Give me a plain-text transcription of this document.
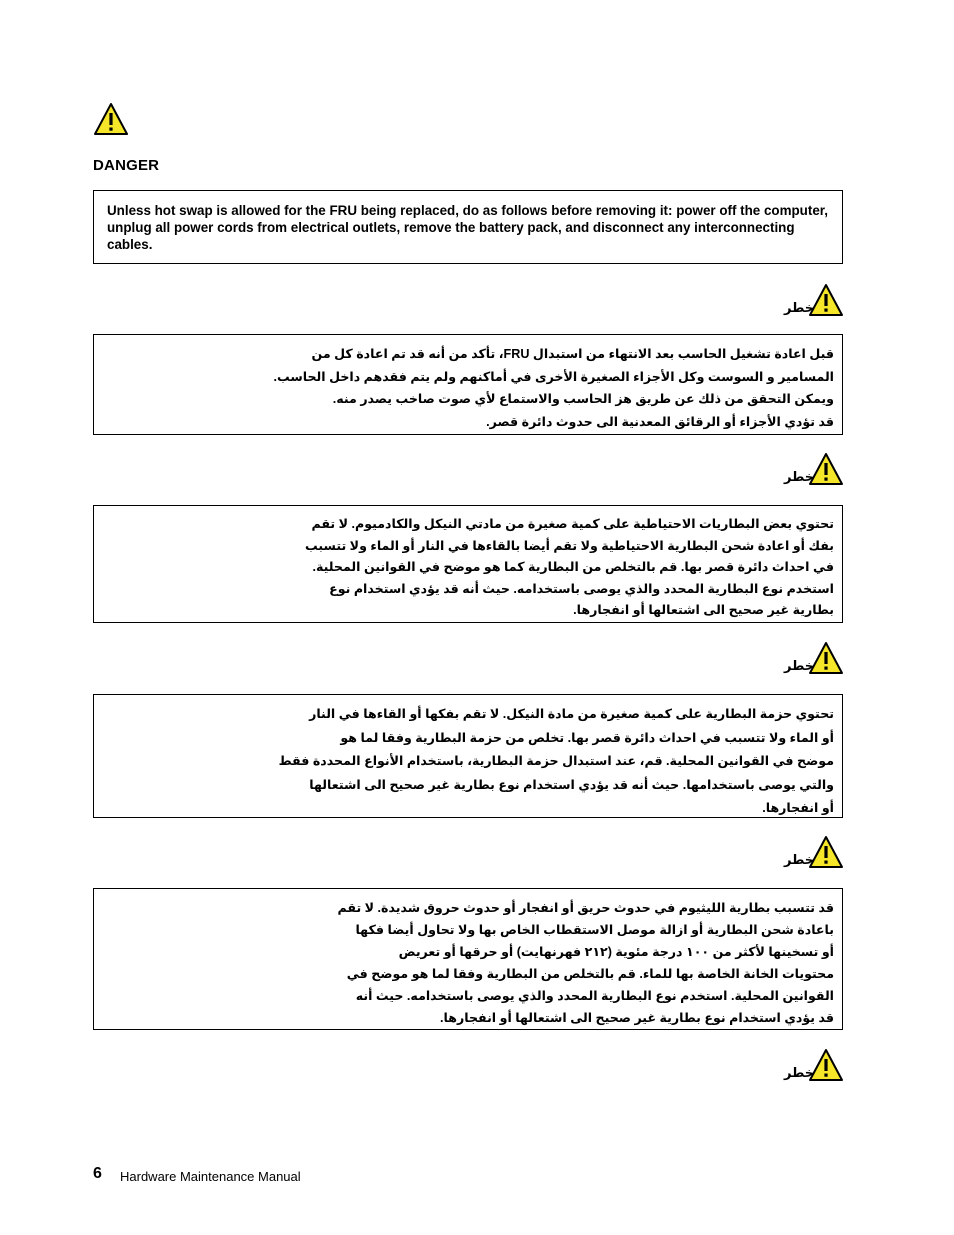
DANGER

Unless hot swap is allowed for the FRU being replaced, do as follows before removing it: power off the computer, unplug all power cords from electrical outlets, remove the battery pack, and disconnect any interconnecting cables.

خطر
قبل اعادة تشغيل الحاسب بعد الانتهاء من استبدال FRU، تأكد من أنه قد تم اعادة كل من
المسامير و السوست وكل الأجزاء الصغيرة الأخرى في أماكنهم ولم يتم فقدهم داخل الحاسب.
ويمكن التحقق من ذلك عن طريق هز الحاسب والاستماع لأي صوت صاخب يصدر منه.
قد تؤدي الأجزاء أو الرقائق المعدنية الى حدوث دائرة قصر.
خطر
تحتوي بعض البطاريات الاحتياطية على كمية صغيرة من مادتي النيكل والكادميوم. لا تقم
بفك أو اعادة شحن البطارية الاحتياطية ولا تقم أيضا بالقاءها في النار أو الماء ولا تتسبب
في احداث دائرة قصر بها. قم بالتخلص من البطارية كما هو موضح في القوانين المحلية.
استخدم نوع البطارية المحدد والذي يوصى باستخدامه. حيث أنه قد يؤدي استخدام نوع
بطارية غير صحيح الى اشتعالها أو انفجارها.
خطر
تحتوي حزمة البطارية على كمية صغيرة من مادة النيكل. لا تقم بفكها أو القاءها في النار
أو الماء ولا تتسبب في احداث دائرة قصر بها. تخلص من حزمة البطارية وفقا لما هو
موضح في القوانين المحلية. قم، عند استبدال حزمة البطارية، باستخدام الأنواع المحددة فقط
والتي يوصى باستخدامها. حيث أنه قد يؤدي استخدام نوع بطارية غير صحيح الى اشتعالها
أو انفجارها.
خطر
قد تتسبب بطارية الليثيوم في حدوث حريق أو انفجار أو حدوث حروق شديدة. لا تقم
باعادة شحن البطارية أو ازالة موصل الاستقطاب الخاص بها ولا تحاول أيضا فكها
أو تسخينها لأكثر من ١٠٠ درجة مئوية (٢١٢ فهرنهايت) أو حرقها أو تعريض
محتويات الخانة الخاصة بها للماء. قم بالتخلص من البطارية وفقا لما هو موضح في
القوانين المحلية. استخدم نوع البطارية المحدد والذي يوصى باستخدامه. حيث أنه
قد يؤدي استخدام نوع بطارية غير صحيح الى اشتعالها أو انفجارها.
خطر
6 Hardware Maintenance Manual
